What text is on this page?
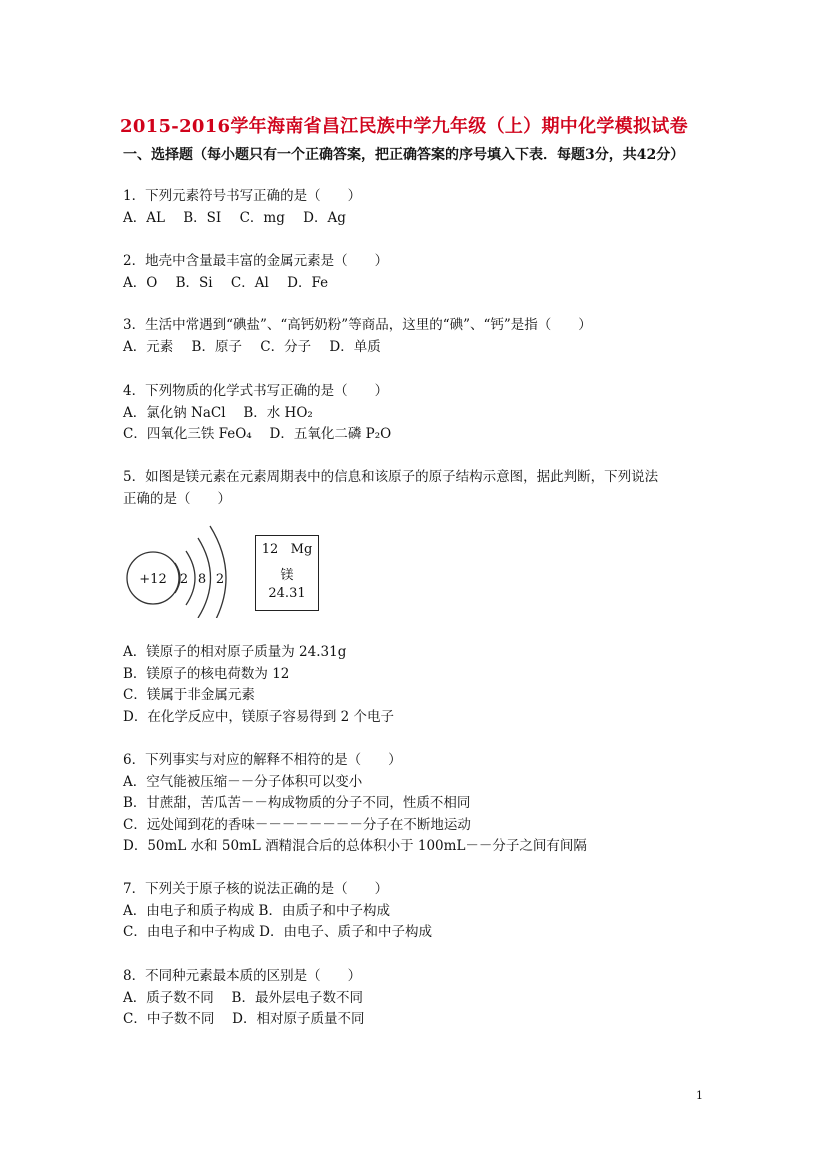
2015-2016学年海南省昌江民族中学九年级（上）期中化学模拟试卷
一、选择题（每小题只有一个正确答案，把正确答案的序号填入下表．每题3分，共42分）
1．下列元素符号书写正确的是（　　）
A．AL B．SI C．mg D．Ag
2．地壳中含量最丰富的金属元素是（　　）
A．O B．Si C．Al D．Fe
3．生活中常遇到“碘盐”、“高钙奶粉”等商品，这里的“碘”、“钙”是指（　　）
A．元素 B．原子 C．分子 D．单质
4．下列物质的化学式书写正确的是（　　）
A．氯化钠 NaCl　 B．水 HO₂
C．四氧化三铁 FeO₄　 D．五氧化二磷 P₂O
5．如图是镁元素在元素周期表中的信息和该原子的原子结构示意图，据此判断，下列说法
正确的是（　　）
+12 2 8 2
12 Mg
镁
24.31
A．镁原子的相对原子质量为 24.31g
B．镁原子的核电荷数为 12
C．镁属于非金属元素
D．在化学反应中，镁原子容易得到 2 个电子
6．下列事实与对应的解释不相符的是（　　）
A．空气能被压缩－－分子体积可以变小
B．甘蔗甜，苦瓜苦－－构成物质的分子不同，性质不相同
C．远处闻到花的香味－－－－－－－－分子在不断地运动
D．50mL 水和 50mL 酒精混合后的总体积小于 100mL－－分子之间有间隔
7．下列关于原子核的说法正确的是（　　）
A．由电子和质子构成 B．由质子和中子构成
C．由电子和中子构成 D．由电子、质子和中子构成
8．不同种元素最本质的区别是（　　）
A．质子数不同　 B．最外层电子数不同
C．中子数不同　 D．相对原子质量不同
1
